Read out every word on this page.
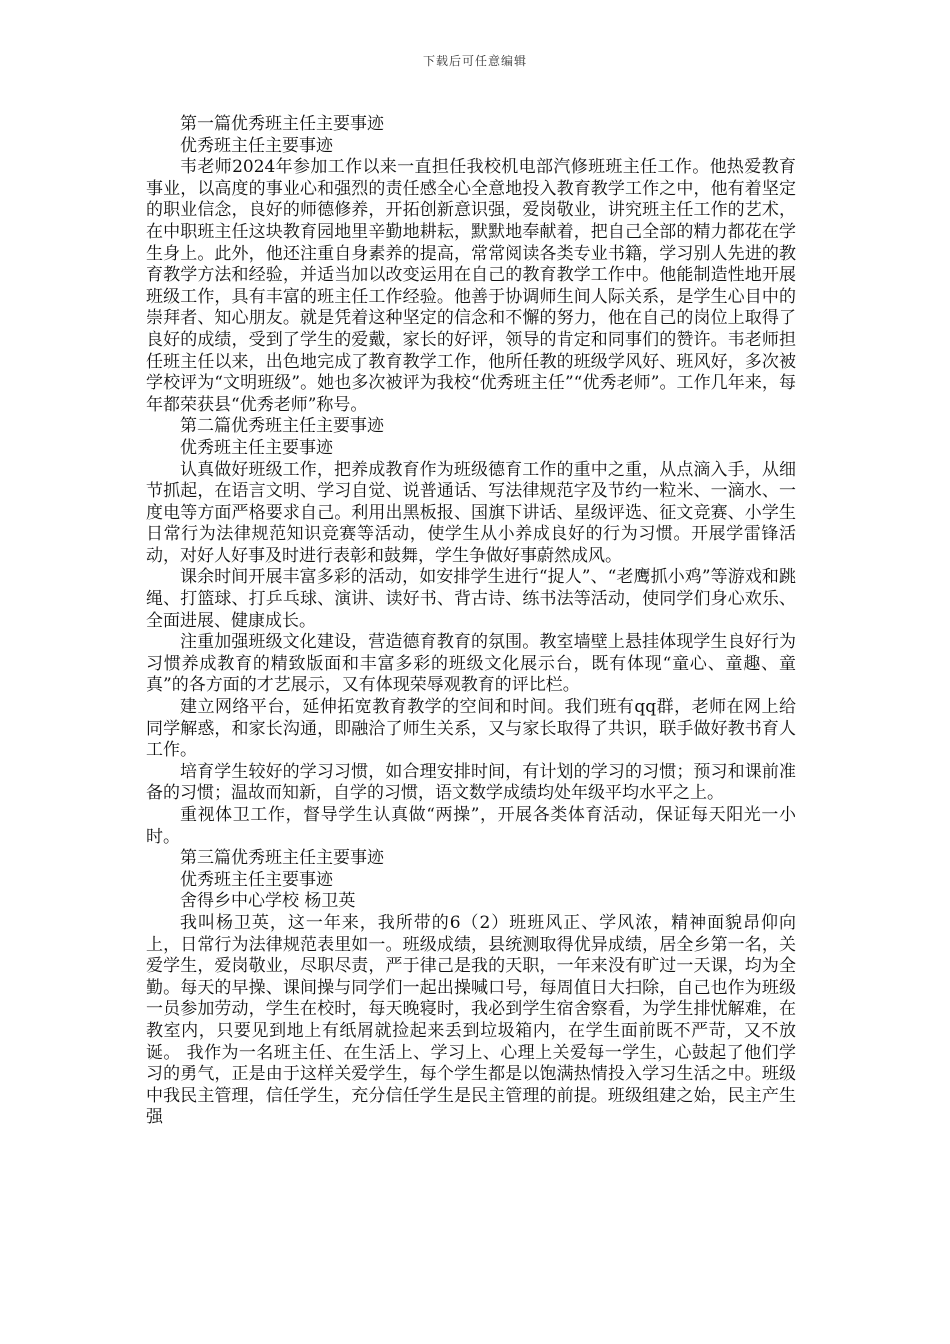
下载后可任意编辑

第一篇优秀班主任主要事迹

优秀班主任主要事迹

韦老师2024年参加工作以来一直担任我校机电部汽修班班主任工作。他热爱教育事业，以高度的事业心和强烈的责任感全心全意地投入教育教学工作之中，他有着坚定的职业信念，良好的师德修养，开拓创新意识强，爱岗敬业，讲究班主任工作的艺术，在中职班主任这块教育园地里辛勤地耕耘，默默地奉献着，把自己全部的精力都花在学生身上。此外，他还注重自身素养的提高，常常阅读各类专业书籍，学习别人先进的教育教学方法和经验，并适当加以改变运用在自己的教育教学工作中。他能制造性地开展班级工作，具有丰富的班主任工作经验。他善于协调师生间人际关系，是学生心目中的崇拜者、知心朋友。就是凭着这种坚定的信念和不懈的努力，他在自己的岗位上取得了良好的成绩，受到了学生的爱戴，家长的好评，领导的肯定和同事们的赞许。韦老师担任班主任以来，出色地完成了教育教学工作，他所任教的班级学风好、班风好，多次被学校评为“文明班级”。她也多次被评为我校“优秀班主任”“优秀老师”。工作几年来，每年都荣获县“优秀老师”称号。

第二篇优秀班主任主要事迹

优秀班主任主要事迹

认真做好班级工作，把养成教育作为班级德育工作的重中之重，从点滴入手，从细节抓起，在语言文明、学习自觉、说普通话、写法律规范字及节约一粒米、一滴水、一度电等方面严格要求自己。利用出黑板报、国旗下讲话、星级评选、征文竞赛、小学生日常行为法律规范知识竞赛等活动，使学生从小养成良好的行为习惯。开展学雷锋活动，对好人好事及时进行表彰和鼓舞，学生争做好事蔚然成风。

课余时间开展丰富多彩的活动，如安排学生进行“捉人”、“老鹰抓小鸡”等游戏和跳绳、打篮球、打乒乓球、演讲、读好书、背古诗、练书法等活动，使同学们身心欢乐、全面进展、健康成长。

注重加强班级文化建设，营造德育教育的氛围。教室墙壁上悬挂体现学生良好行为习惯养成教育的精致版面和丰富多彩的班级文化展示台，既有体现“童心、童趣、童真”的各方面的才艺展示，又有体现荣辱观教育的评比栏。

建立网络平台，延伸拓宽教育教学的空间和时间。我们班有qq群，老师在网上给同学解惑，和家长沟通，即融洽了师生关系，又与家长取得了共识，联手做好教书育人工作。

培育学生较好的学习习惯，如合理安排时间，有计划的学习的习惯；预习和课前准备的习惯；温故而知新，自学的习惯，语文数学成绩均处年级平均水平之上。

重视体卫工作，督导学生认真做“两操”，开展各类体育活动，保证每天阳光一小时。

第三篇优秀班主任主要事迹

优秀班主任主要事迹

舍得乡中心学校 杨卫英

我叫杨卫英，这一年来，我所带的6（2）班班风正、学风浓，精神面貌昂仰向上，日常行为法律规范表里如一。班级成绩，县统测取得优异成绩，居全乡第一名，关爱学生，爱岗敬业，尽职尽责，严于律己是我的天职，一年来没有旷过一天课，均为全勤。每天的早操、课间操与同学们一起出操喊口号，每周值日大扫除，自己也作为班级一员参加劳动，学生在校时，每天晚寝时，我必到学生宿舍察看，为学生排忧解难，在教室内，只要见到地上有纸屑就捡起来丢到垃圾箱内，在学生面前既不严苛，又不放诞。 我作为一名班主任、在生活上、学习上、心理上关爱每一学生，心鼓起了他们学习的勇气，正是由于这样关爱学生，每个学生都是以饱满热情投入学习生活之中。班级中我民主管理，信任学生，充分信任学生是民主管理的前提。班级组建之始，民主产生强
